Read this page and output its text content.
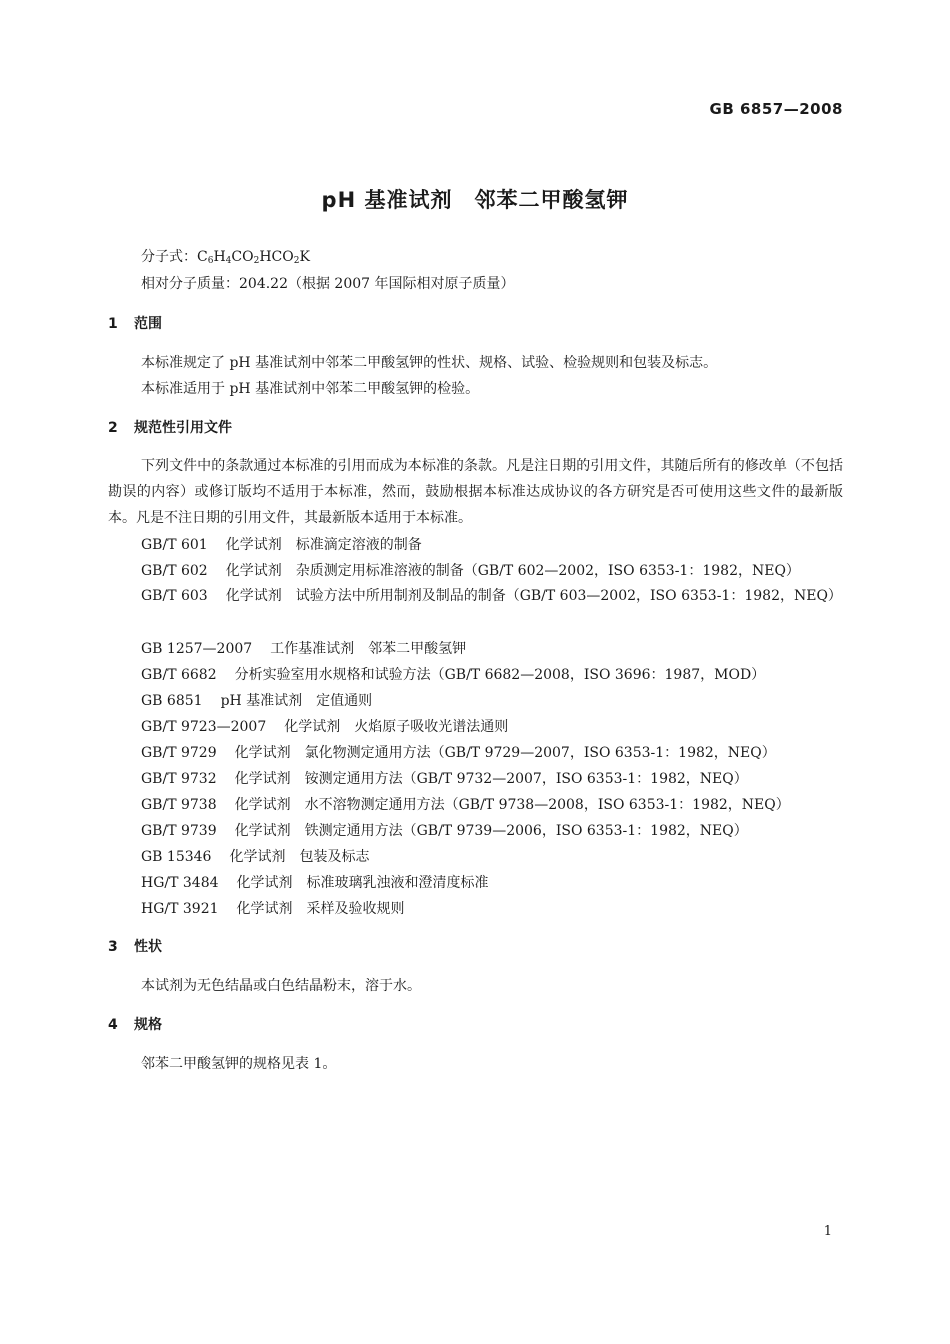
GB 6857—2008
pH 基准试剂　邻苯二甲酸氢钾
分子式：$C_6H_4CO_2HCO_2K$
相对分子质量：204.22（根据 2007 年国际相对原子质量）
1 范围
本标准规定了 pH 基准试剂中邻苯二甲酸氢钾的性状、规格、试验、检验规则和包装及标志。
本标准适用于 pH 基准试剂中邻苯二甲酸氢钾的检验。
2 规范性引用文件
下列文件中的条款通过本标准的引用而成为本标准的条款。凡是注日期的引用文件，其随后所有的修改单（不包括勘误的内容）或修订版均不适用于本标准，然而，鼓励根据本标准达成协议的各方研究是否可使用这些文件的最新版本。凡是不注日期的引用文件，其最新版本适用于本标准。
GB/T 601 化学试剂　标准滴定溶液的制备
GB/T 602 化学试剂　杂质测定用标准溶液的制备（GB/T 602—2002，ISO 6353-1：1982，NEQ）
GB/T 603 化学试剂　试验方法中所用制剂及制品的制备（GB/T 603—2002，ISO 6353-1：1982，NEQ）
GB 1257—2007 工作基准试剂　邻苯二甲酸氢钾
GB/T 6682 分析实验室用水规格和试验方法（GB/T 6682—2008，ISO 3696：1987，MOD）
GB 6851 pH 基准试剂　定值通则
GB/T 9723—2007 化学试剂　火焰原子吸收光谱法通则
GB/T 9729 化学试剂　氯化物测定通用方法（GB/T 9729—2007，ISO 6353-1：1982，NEQ）
GB/T 9732 化学试剂　铵测定通用方法（GB/T 9732—2007，ISO 6353-1：1982，NEQ）
GB/T 9738 化学试剂　水不溶物测定通用方法（GB/T 9738—2008，ISO 6353-1：1982，NEQ）
GB/T 9739 化学试剂　铁测定通用方法（GB/T 9739—2006，ISO 6353-1：1982，NEQ）
GB 15346 化学试剂　包装及标志
HG/T 3484 化学试剂　标准玻璃乳浊液和澄清度标准
HG/T 3921 化学试剂　采样及验收规则
3 性状
本试剂为无色结晶或白色结晶粉末，溶于水。
4 规格
邻苯二甲酸氢钾的规格见表 1。
1
